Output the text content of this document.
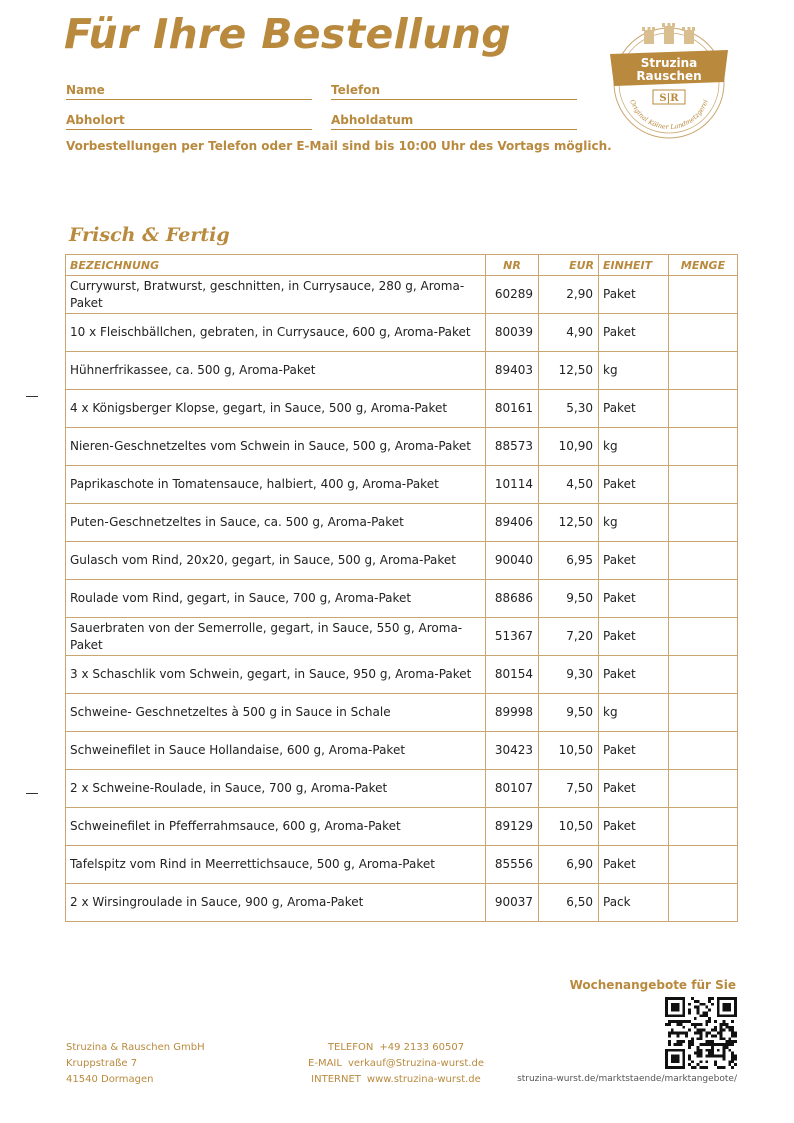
Für Ihre Bestellung
Name	Telefon
Abholort	Abholdatum
Vorbestellungen per Telefon oder E-Mail sind bis 10:00 Uhr des Vortags möglich.
Struzina
Rauschen
S|R
Original Kölner Landmetzgerei
Frisch & Fertig
BEZEICHNUNG	NR	EUR	EINHEIT	MENGE
Currywurst, Bratwurst, geschnitten, in Currysauce, 280 g, Aroma-Paket	60289	2,90	Paket	
10 x Fleischbällchen, gebraten, in Currysauce, 600 g, Aroma-Paket	80039	4,90	Paket	
Hühnerfrikassee, ca. 500 g, Aroma-Paket	89403	12,50	kg	
4 x Königsberger Klopse, gegart, in Sauce, 500 g, Aroma-Paket	80161	5,30	Paket	
Nieren-Geschnetzeltes vom Schwein in Sauce, 500 g, Aroma-Paket	88573	10,90	kg	
Paprikaschote in Tomatensauce, halbiert, 400 g, Aroma-Paket	10114	4,50	Paket	
Puten-Geschnetzeltes in Sauce, ca. 500 g, Aroma-Paket	89406	12,50	kg	
Gulasch vom Rind, 20x20, gegart, in Sauce, 500 g, Aroma-Paket	90040	6,95	Paket	
Roulade vom Rind, gegart, in Sauce, 700 g, Aroma-Paket	88686	9,50	Paket	
Sauerbraten von der Semerrolle, gegart, in Sauce, 550 g, Aroma-Paket	51367	7,20	Paket	
3 x Schaschlik vom Schwein, gegart, in Sauce, 950 g, Aroma-Paket	80154	9,30	Paket	
Schweine- Geschnetzeltes à 500 g in Sauce in Schale	89998	9,50	kg	
Schweinefilet in Sauce Hollandaise, 600 g, Aroma-Paket	30423	10,50	Paket	
2 x Schweine-Roulade, in Sauce, 700 g, Aroma-Paket	80107	7,50	Paket	
Schweinefilet in Pfefferrahmsauce, 600 g, Aroma-Paket	89129	10,50	Paket	
Tafelspitz vom Rind in Meerrettichsauce, 500 g, Aroma-Paket	85556	6,90	Paket	
2 x Wirsingroulade in Sauce, 900 g, Aroma-Paket	90037	6,50	Pack	
Wochenangebote für Sie
struzina-wurst.de/marktstaende/marktangebote/
Struzina & Rauschen GmbH
Kruppstraße 7
41540 Dormagen
TELEFON +49 2133 60507
E-MAIL verkauf@Struzina-wurst.de
INTERNET www.struzina-wurst.de
